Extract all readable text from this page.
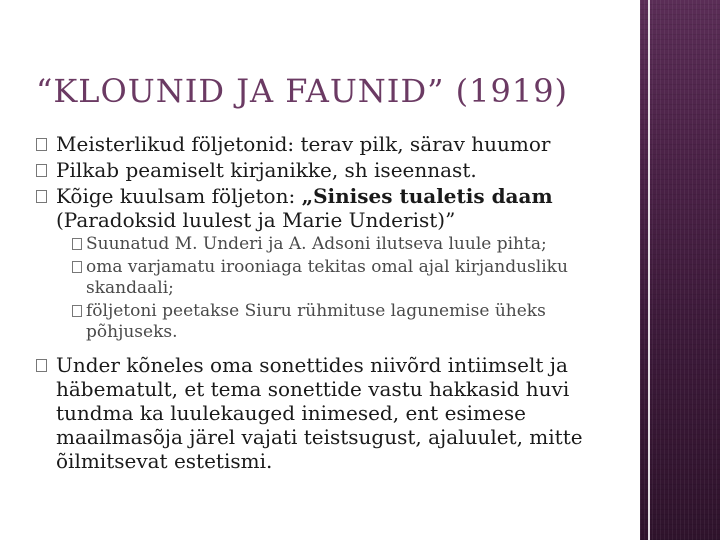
“KLOUNID JA FAUNID” (1919)
Meisterlikud följetonid: terav pilk, särav huumor
Pilkab peamiselt kirjanikke, sh iseennast.
Kõige kuulsam följeton: „Sinises tualetis daam (Paradoksid luulest ja Marie Underist)”
Suunatud M. Underi ja A. Adsoni ilutseva luule pihta;
oma varjamatu irooniaga tekitas omal ajal kirjandusliku skandaali;
följetoni peetakse Siuru rühmituse lagunemise üheks põhjuseks.
Under kõneles oma sonettides niivõrd intiimselt ja häbematult, et tema sonettide vastu hakkasid huvi tundma ka luulekauged inimesed, ent esimese maailmasõja järel vajati teistsugust, ajaluulet, mitte õilmitsevat estetismi.
